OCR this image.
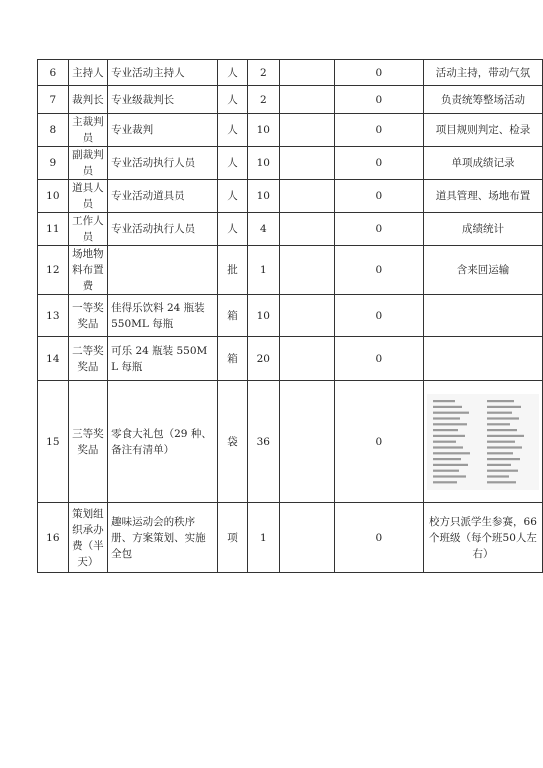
6	主持人	专业活动主持人	人	2		0	活动主持，带动气氛
7	裁判长	专业级裁判长	人	2		0	负责统筹整场活动
8	主裁判员	专业裁判	人	10		0	项目规则判定、检录
9	副裁判员	专业活动执行人员	人	10		0	单项成绩记录
10	道具人员	专业活动道具员	人	10		0	道具管理、场地布置
11	工作人员	专业活动执行人员	人	4		0	成绩统计
12	场地物料布置费		批	1		0	含来回运输
13	一等奖奖品	佳得乐饮料 24 瓶装 550ML 每瓶	箱	10		0	
14	二等奖奖品	可乐 24 瓶装 550ML 每瓶	箱	20		0	
15	三等奖奖品	零食大礼包（29 种、备注有清单）	袋	36		0	

16	策划组织承办费（半天）	趣味运动会的秩序册、方案策划、实施全包	项	1		0	校方只派学生参赛，66个班级（每个班50人左右）
